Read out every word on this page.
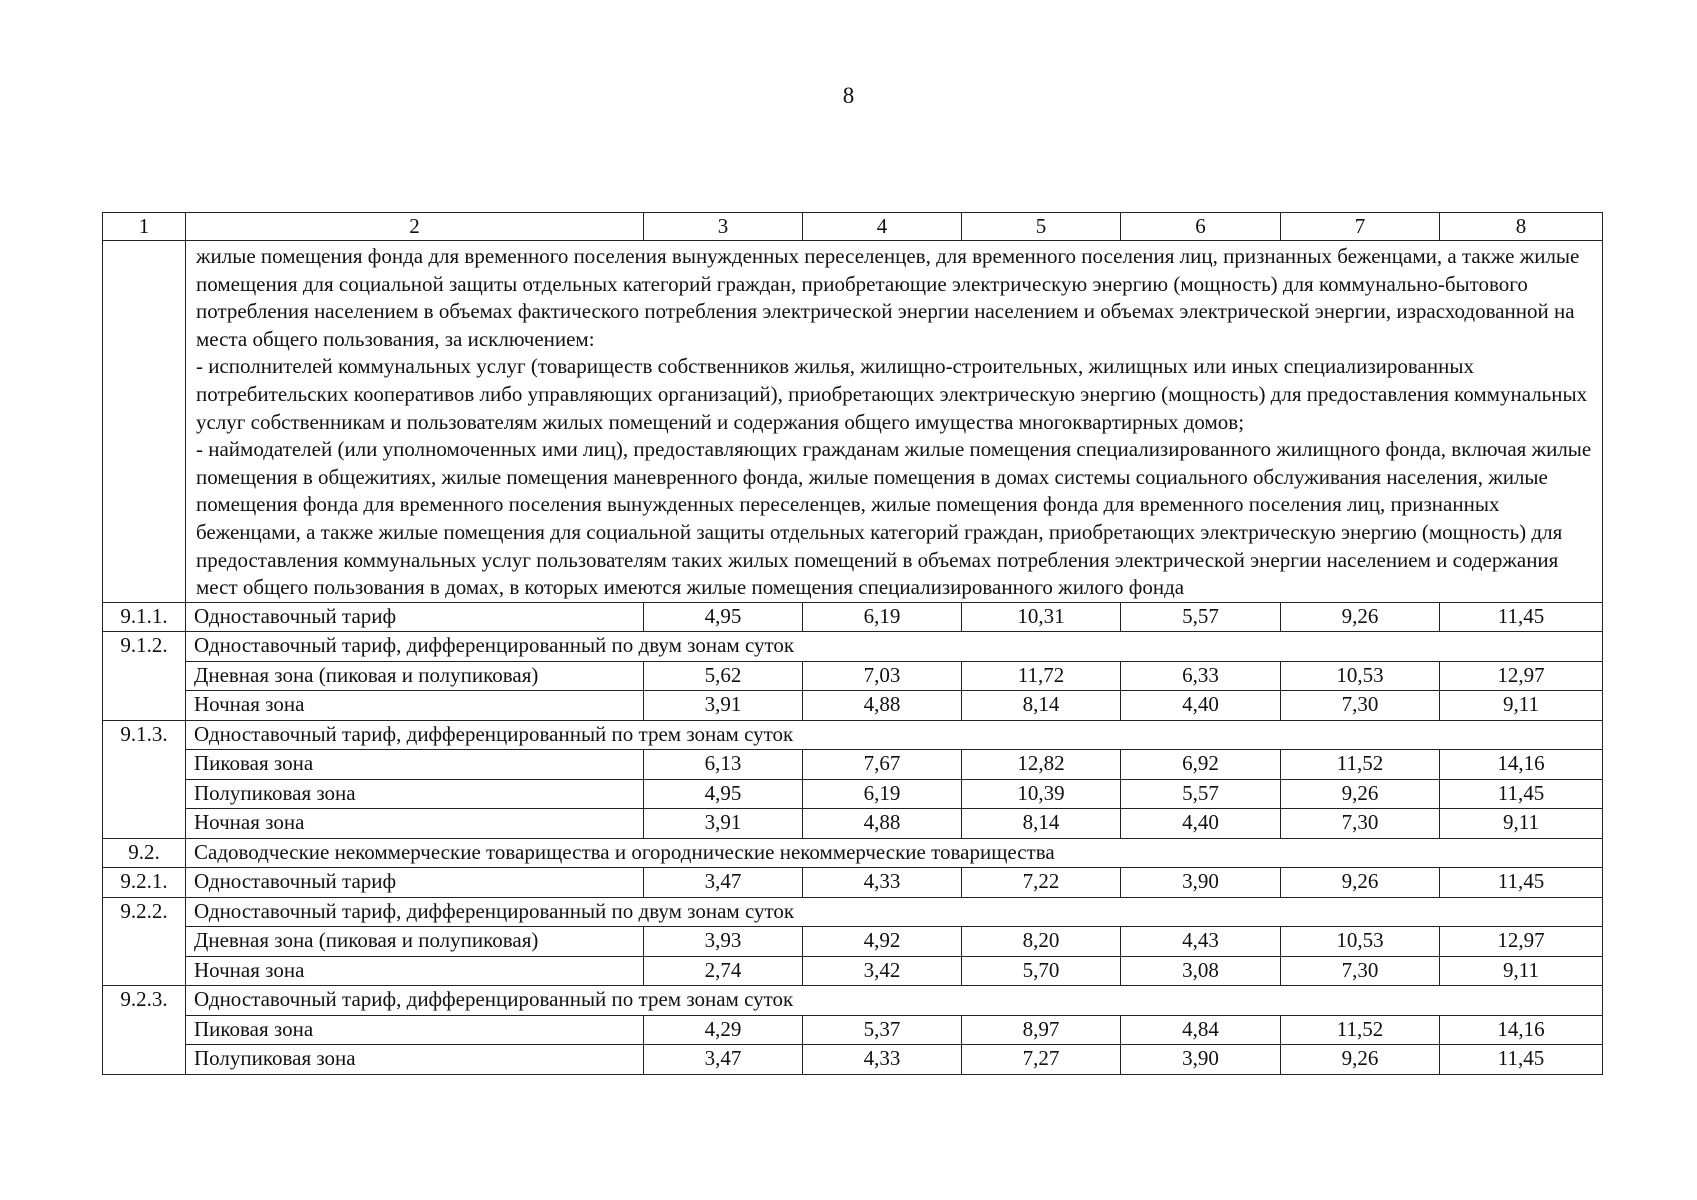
8
1	2	3	4	5	6	7	8

	жилые помещения фонда для временного поселения вынужденных переселенцев, для временного поселения лиц, признанных беженцами, а также жилые помещения для социальной защиты отдельных категорий граждан, приобретающие электрическую энергию (мощность) для коммунально-бытового потребления населением в объемах фактического потребления электрической энергии населением и объемах электрической энергии, израсходованной на места общего пользования, за исключением:

- исполнителей коммунальных услуг (товариществ собственников жилья, жилищно-строительных, жилищных или иных специализированных потребительских кооперативов либо управляющих организаций), приобретающих электрическую энергию (мощность) для предоставления коммунальных услуг собственникам и пользователям жилых помещений и содержания общего имущества многоквартирных домов;

- наймодателей (или уполномоченных ими лиц), предоставляющих гражданам жилые помещения специализированного жилищного фонда, включая жилые помещения в общежитиях, жилые помещения маневренного фонда, жилые помещения в домах системы социального обслуживания населения, жилые помещения фонда для временного поселения вынужденных переселенцев, жилые помещения фонда для временного поселения лиц, признанных беженцами, а также жилые помещения для социальной защиты отдельных категорий граждан, приобретающих электрическую энергию (мощность) для предоставления коммунальных услуг пользователям таких жилых помещений в объемах потребления электрической энергии населением и содержания мест общего пользования в домах, в которых имеются жилые помещения специализированного жилого фонда						

9.1.1.	Одноставочный тариф	4,95	6,19	10,31	5,57	9,26	11,45
9.1.2.	Одноставочный тариф, дифференцированный по двум зонам суток						
	Дневная зона (пиковая и полупиковая)	5,62	7,03	11,72	6,33	10,53	12,97
	Ночная зона	3,91	4,88	8,14	4,40	7,30	9,11
9.1.3.	Одноставочный тариф, дифференцированный по трем зонам суток						
	Пиковая зона	6,13	7,67	12,82	6,92	11,52	14,16
	Полупиковая зона	4,95	6,19	10,39	5,57	9,26	11,45
	Ночная зона	3,91	4,88	8,14	4,40	7,30	9,11
9.2.	Садоводческие некоммерческие товарищества и огороднические некоммерческие товарищества						
9.2.1.	Одноставочный тариф	3,47	4,33	7,22	3,90	9,26	11,45
9.2.2.	Одноставочный тариф, дифференцированный по двум зонам суток						
	Дневная зона (пиковая и полупиковая)	3,93	4,92	8,20	4,43	10,53	12,97
	Ночная зона	2,74	3,42	5,70	3,08	7,30	9,11
9.2.3.	Одноставочный тариф, дифференцированный по трем зонам суток						
	Пиковая зона	4,29	5,37	8,97	4,84	11,52	14,16
	Полупиковая зона	3,47	4,33	7,27	3,90	9,26	11,45
